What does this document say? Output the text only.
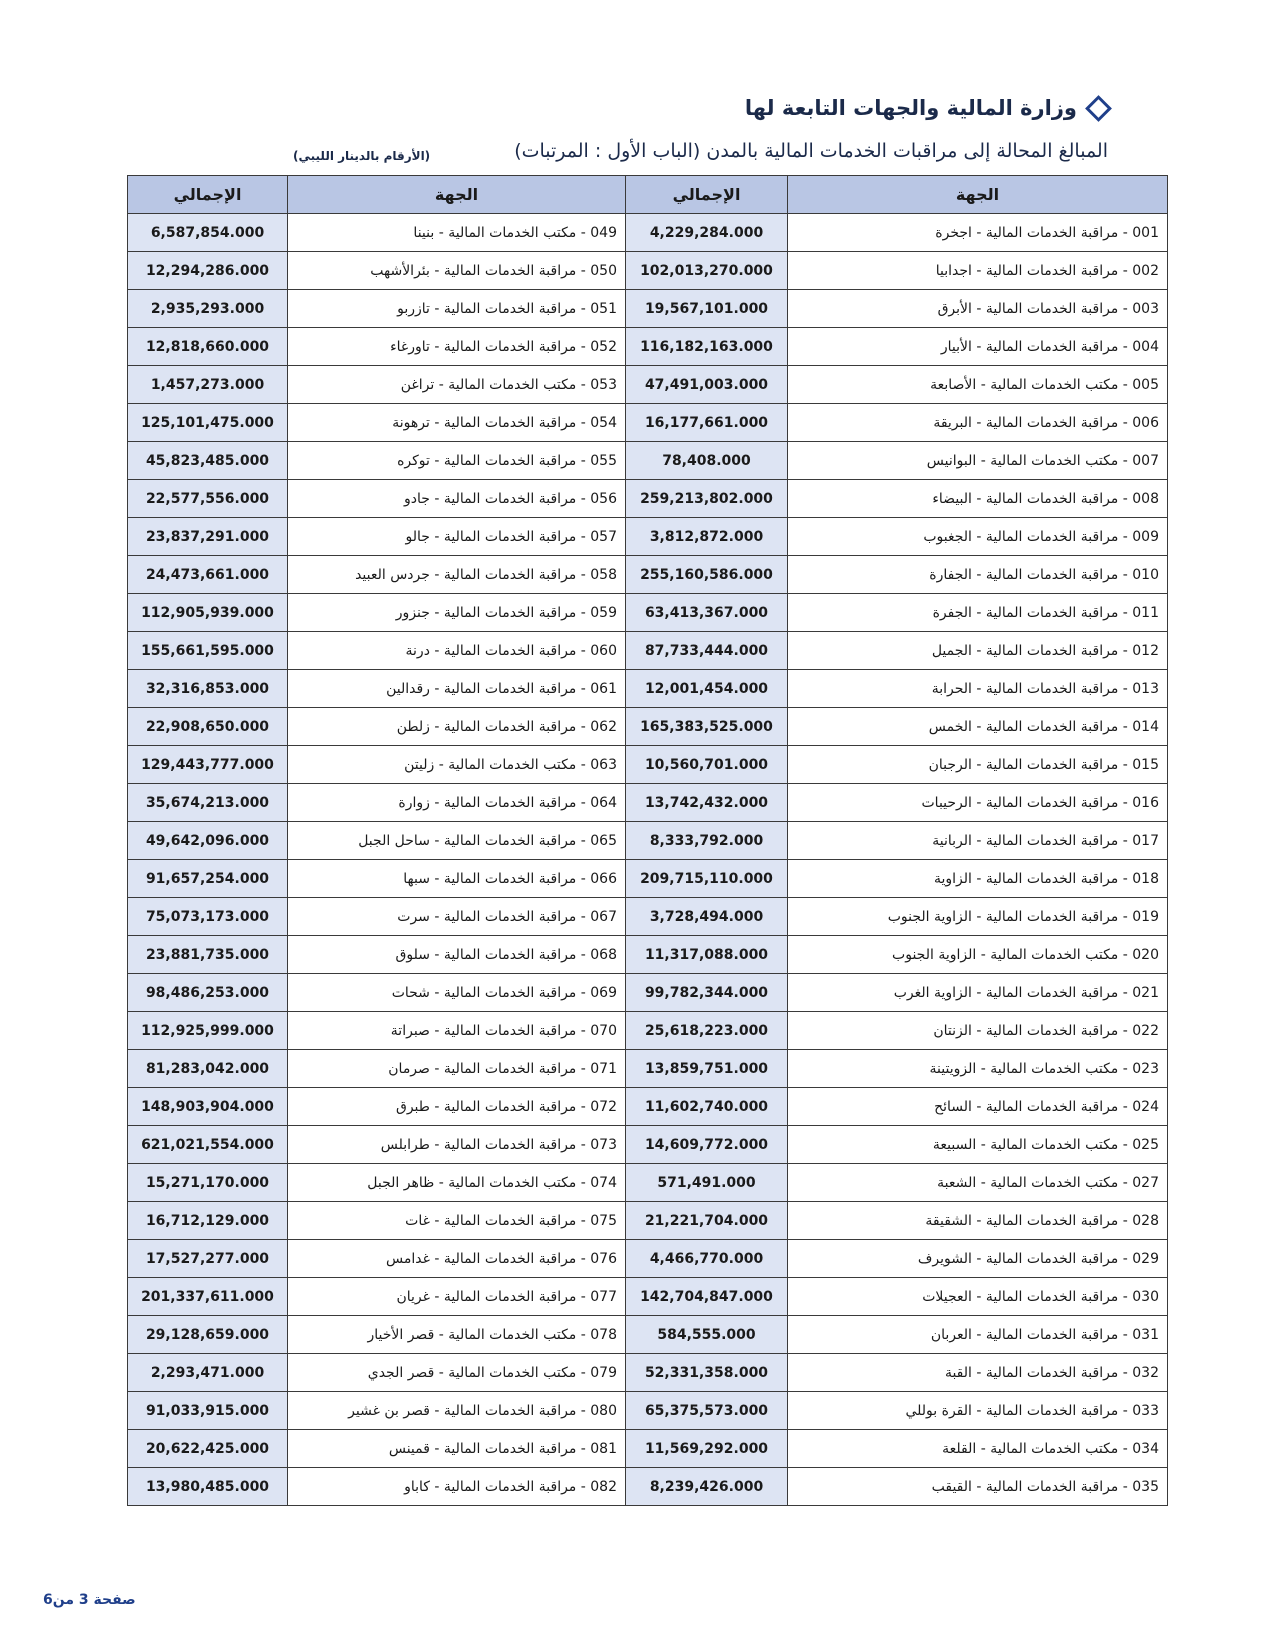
وزارة المالية والجهات التابعة لها
المبالغ المحالة إلى مراقبات الخدمات المالية بالمدن (الباب الأول : المرتبات)
(الأرقام بالدينار الليبي)
الجهة	الإجمالي	الجهة	الإجمالي
001 - مراقبة الخدمات المالية - اجخرة	4,229,284.000	049 - مكتب الخدمات المالية - بنينا	6,587,854.000
002 - مراقبة الخدمات المالية - اجدابيا	102,013,270.000	050 - مراقبة الخدمات المالية - بئرالأشهب	12,294,286.000
003 - مراقبة الخدمات المالية - الأبرق	19,567,101.000	051 - مراقبة الخدمات المالية - تازربو	2,935,293.000
004 - مراقبة الخدمات المالية - الأبيار	116,182,163.000	052 - مراقبة الخدمات المالية - تاورغاء	12,818,660.000
005 - مكتب الخدمات المالية - الأصابعة	47,491,003.000	053 - مكتب الخدمات المالية - تراغن	1,457,273.000
006 - مراقبة الخدمات المالية - البريقة	16,177,661.000	054 - مراقبة الخدمات المالية - ترهونة	125,101,475.000
007 - مكتب الخدمات المالية - البوانيس	78,408.000	055 - مراقبة الخدمات المالية - توكره	45,823,485.000
008 - مراقبة الخدمات المالية - البيضاء	259,213,802.000	056 - مراقبة الخدمات المالية - جادو	22,577,556.000
009 - مراقبة الخدمات المالية - الجغبوب	3,812,872.000	057 - مراقبة الخدمات المالية - جالو	23,837,291.000
010 - مراقبة الخدمات المالية - الجفارة	255,160,586.000	058 - مراقبة الخدمات المالية - جردس العبيد	24,473,661.000
011 - مراقبة الخدمات المالية - الجفرة	63,413,367.000	059 - مراقبة الخدمات المالية - جنزور	112,905,939.000
012 - مراقبة الخدمات المالية - الجميل	87,733,444.000	060 - مراقبة الخدمات المالية - درنة	155,661,595.000
013 - مراقبة الخدمات المالية - الحرابة	12,001,454.000	061 - مراقبة الخدمات المالية - رقدالين	32,316,853.000
014 - مراقبة الخدمات المالية - الخمس	165,383,525.000	062 - مراقبة الخدمات المالية - زلطن	22,908,650.000
015 - مراقبة الخدمات المالية - الرجبان	10,560,701.000	063 - مكتب الخدمات المالية - زليتن	129,443,777.000
016 - مراقبة الخدمات المالية - الرحيبات	13,742,432.000	064 - مراقبة الخدمات المالية - زوارة	35,674,213.000
017 - مراقبة الخدمات المالية - الربانية	8,333,792.000	065 - مراقبة الخدمات المالية - ساحل الجبل	49,642,096.000
018 - مراقبة الخدمات المالية - الزاوية	209,715,110.000	066 - مراقبة الخدمات المالية - سبها	91,657,254.000
019 - مراقبة الخدمات المالية - الزاوية الجنوب	3,728,494.000	067 - مراقبة الخدمات المالية - سرت	75,073,173.000
020 - مكتب الخدمات المالية - الزاوية الجنوب	11,317,088.000	068 - مراقبة الخدمات المالية - سلوق	23,881,735.000
021 - مراقبة الخدمات المالية - الزاوية الغرب	99,782,344.000	069 - مراقبة الخدمات المالية - شحات	98,486,253.000
022 - مراقبة الخدمات المالية - الزنتان	25,618,223.000	070 - مراقبة الخدمات المالية - صبراتة	112,925,999.000
023 - مكتب الخدمات المالية - الزويتينة	13,859,751.000	071 - مراقبة الخدمات المالية - صرمان	81,283,042.000
024 - مراقبة الخدمات المالية - السائح	11,602,740.000	072 - مراقبة الخدمات المالية - طبرق	148,903,904.000
025 - مكتب الخدمات المالية - السبيعة	14,609,772.000	073 - مراقبة الخدمات المالية - طرابلس	621,021,554.000
027 - مكتب الخدمات المالية - الشعبة	571,491.000	074 - مكتب الخدمات المالية - ظاهر الجبل	15,271,170.000
028 - مراقبة الخدمات المالية - الشقيقة	21,221,704.000	075 - مراقبة الخدمات المالية - غات	16,712,129.000
029 - مراقبة الخدمات المالية - الشويرف	4,466,770.000	076 - مراقبة الخدمات المالية - غدامس	17,527,277.000
030 - مراقبة الخدمات المالية - العجيلات	142,704,847.000	077 - مراقبة الخدمات المالية - غريان	201,337,611.000
031 - مراقبة الخدمات المالية - العربان	584,555.000	078 - مكتب الخدمات المالية - قصر الأخيار	29,128,659.000
032 - مراقبة الخدمات المالية - القبة	52,331,358.000	079 - مكتب الخدمات المالية - قصر الجدي	2,293,471.000
033 - مراقبة الخدمات المالية - القرة بوللي	65,375,573.000	080 - مراقبة الخدمات المالية - قصر بن غشير	91,033,915.000
034 - مكتب الخدمات المالية - القلعة	11,569,292.000	081 - مراقبة الخدمات المالية - قمينس	20,622,425.000
035 - مراقبة الخدمات المالية - القيقب	8,239,426.000	082 - مراقبة الخدمات المالية - كاباو	13,980,485.000
صفحة 3 من6
